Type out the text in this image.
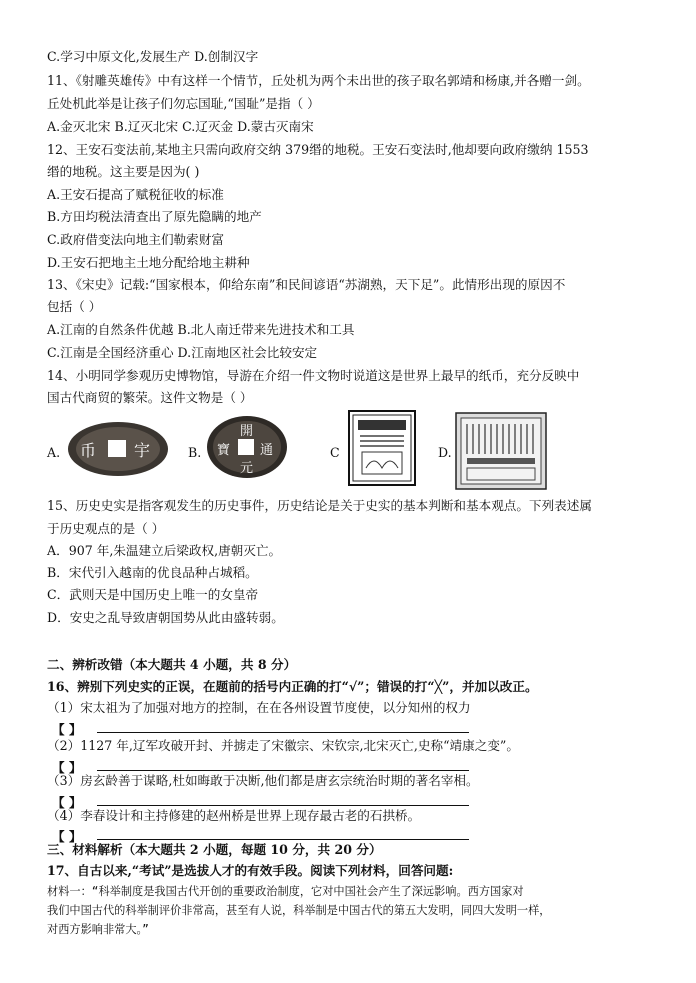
C.学习中原文化,发展生产 D.创制汉字
11、《射雕英雄传》中有这样一个情节，丘处机为两个未出世的孩子取名郭靖和杨康,并各赠一剑。
丘处机此举是让孩子们勿忘国耻,“国耻”是指（ ）
A.金灭北宋 B.辽灭北宋 C.辽灭金 D.蒙古灭南宋
12、王安石变法前,某地主只需向政府交纳 379缗的地税。王安石变法时,他却要向政府缴纳 1553
缗的地税。这主要是因为( )
A.王安石提高了赋税征收的标准
B.方田均税法清查出了原先隐瞒的地产
C.政府借变法向地主们勒索财富
D.王安石把地主土地分配给地主耕种
13、《宋史》记载:“国家根本，仰给东南”和民间谚语“苏湖熟，天下足”。此情形出现的原因不
包括（ ）
A.江南的自然条件优越 B.北人南迁带来先进技术和工具
C.江南是全国经济重心 D.江南地区社会比较安定
14、小明同学参观历史博物馆，导游在介绍一件文物时说道这是世界上最早的纸币，充分反映中
国古代商贸的繁荣。这件文物是（ ）
A. 币 宇	B.
開
元
寶 通	C	D.
15、历史史实是指客观发生的历史事件，历史结论是关于史实的基本判断和基本观点。下列表述属
于历史观点的是（ ）
A．907 年,朱温建立后梁政权,唐朝灭亡。
B．宋代引入越南的优良品种占城稻。
C．武则天是中国历史上唯一的女皇帝
D．安史之乱导致唐朝国势从此由盛转弱。
二、辨析改错（本大题共 4 小题，共 8 分）
16、辨别下列史实的正误，在题前的括号内正确的打“√”；错误的打“╳”，并加以改正。
（1）宋太祖为了加强对地方的控制，在在各州设置节度使，以分知州的权力
【 】
（2）1127 年,辽军攻破开封、并掳走了宋徽宗、宋钦宗,北宋灭亡,史称“靖康之变”。
【 】
（3）房玄龄善于谋略,杜如晦敢于决断,他们都是唐玄宗统治时期的著名宰相。
【 】
（4）李春设计和主持修建的赵州桥是世界上现存最古老的石拱桥。
【 】
三、材料解析（本大题共 2 小题，每题 10 分，共 20 分）
17、自古以来,“考试”是选拔人才的有效手段。阅读下列材料，回答问题:
材料一：“科举制度是我国古代开创的重要政治制度，它对中国社会产生了深远影响。西方国家对
我们中国古代的科举制评价非常高，甚至有人说，科举制是中国古代的第五大发明，同四大发明一样，
对西方影响非常大。”
